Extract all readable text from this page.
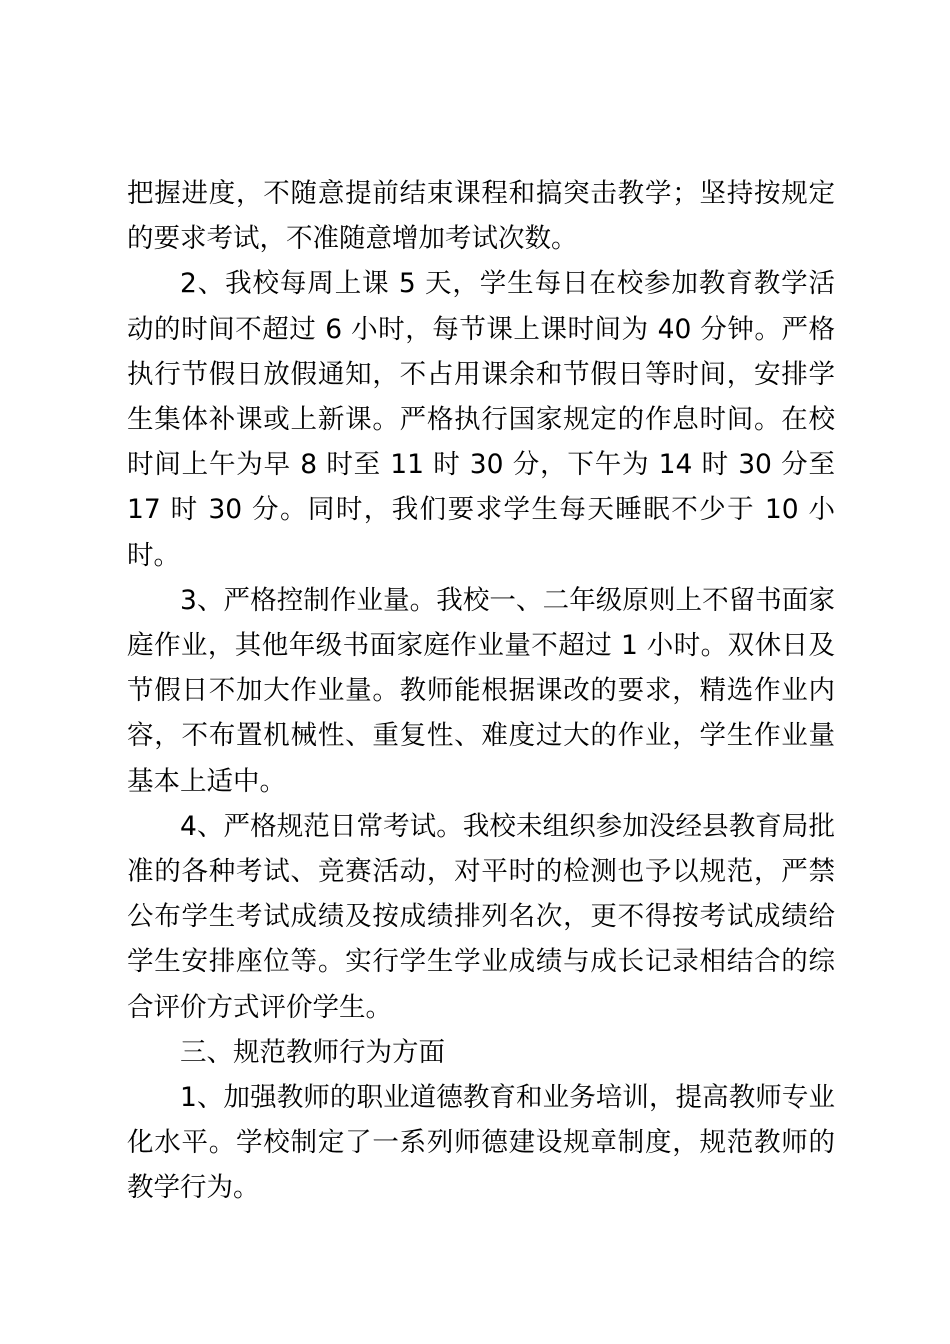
把握进度，不随意提前结束课程和搞突击教学；坚持按规定的要求考试，不准随意增加考试次数。

2、我校每周上课 5 天，学生每日在校参加教育教学活动的时间不超过 6 小时，每节课上课时间为 40 分钟。严格执行节假日放假通知，不占用课余和节假日等时间，安排学生集体补课或上新课。严格执行国家规定的作息时间。在校时间上午为早 8 时至 11 时 30 分，下午为 14 时 30 分至 17 时 30 分。同时，我们要求学生每天睡眠不少于 10 小时。

3、严格控制作业量。我校一、二年级原则上不留书面家庭作业，其他年级书面家庭作业量不超过 1 小时。双休日及节假日不加大作业量。教师能根据课改的要求，精选作业内容，不布置机械性、重复性、难度过大的作业，学生作业量基本上适中。

4、严格规范日常考试。我校未组织参加没经县教育局批准的各种考试、竞赛活动，对平时的检测也予以规范，严禁公布学生考试成绩及按成绩排列名次，更不得按考试成绩给学生安排座位等。实行学生学业成绩与成长记录相结合的综合评价方式评价学生。

三、规范教师行为方面

1、加强教师的职业道德教育和业务培训，提高教师专业化水平。学校制定了一系列师德建设规章制度，规范教师的教学行为。
